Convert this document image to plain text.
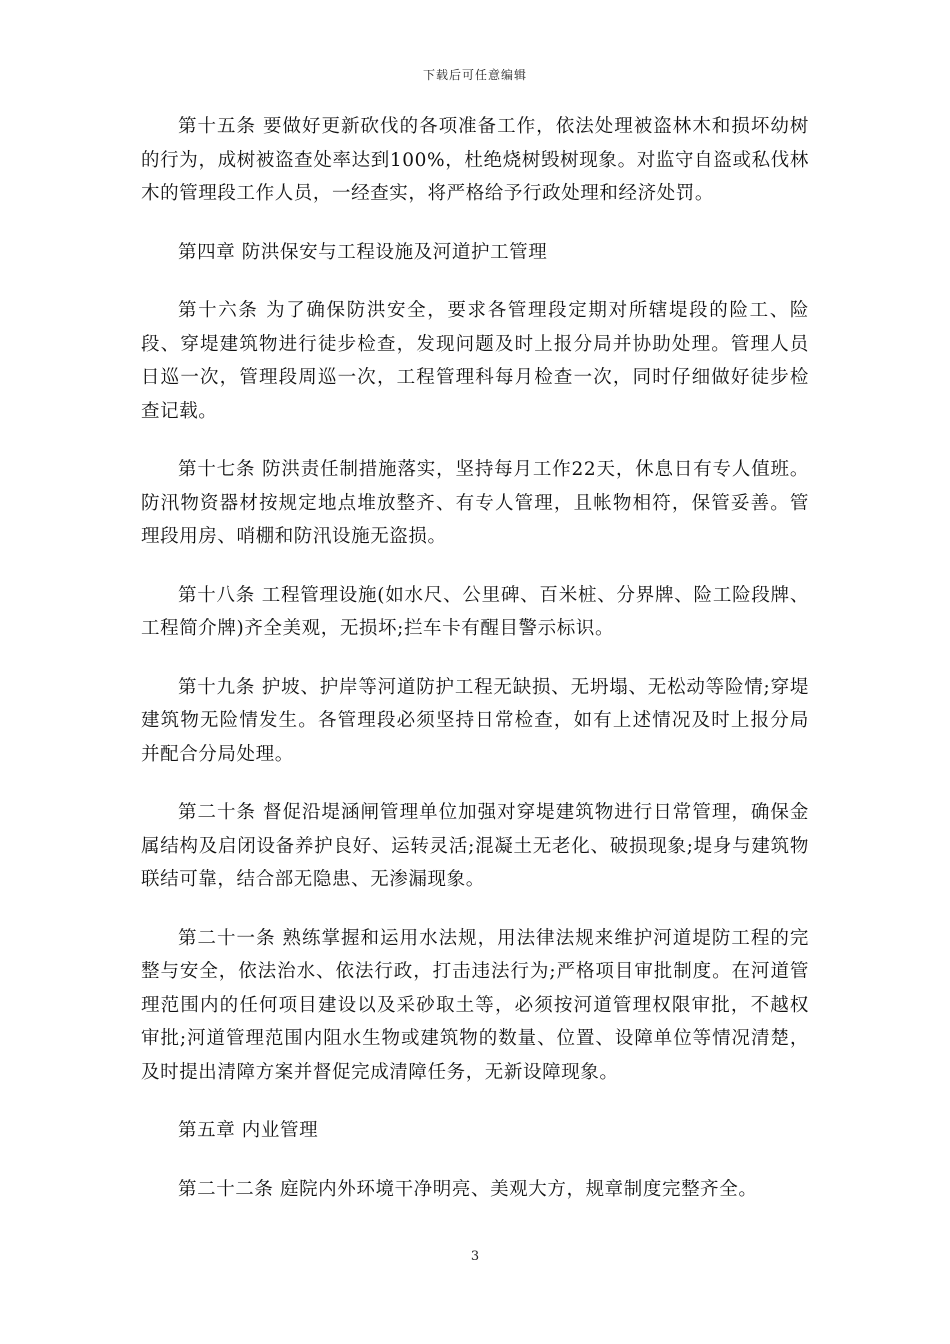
下载后可任意编辑

第十五条 要做好更新砍伐的各项准备工作，依法处理被盗林木和损坏幼树的行为，成树被盗查处率达到100%，杜绝烧树毁树现象。对监守自盗或私伐林木的管理段工作人员，一经查实，将严格给予行政处理和经济处罚。

第四章 防洪保安与工程设施及河道护工管理

第十六条 为了确保防洪安全，要求各管理段定期对所辖堤段的险工、险段、穿堤建筑物进行徒步检查，发现问题及时上报分局并协助处理。管理人员日巡一次，管理段周巡一次，工程管理科每月检查一次，同时仔细做好徒步检查记载。

第十七条 防洪责任制措施落实，坚持每月工作22天，休息日有专人值班。防汛物资器材按规定地点堆放整齐、有专人管理，且帐物相符，保管妥善。管理段用房、哨棚和防汛设施无盗损。

第十八条 工程管理设施(如水尺、公里碑、百米桩、分界牌、险工险段牌、工程简介牌)齐全美观，无损坏;拦车卡有醒目警示标识。

第十九条 护坡、护岸等河道防护工程无缺损、无坍塌、无松动等险情;穿堤建筑物无险情发生。各管理段必须坚持日常检查，如有上述情况及时上报分局并配合分局处理。

第二十条 督促沿堤涵闸管理单位加强对穿堤建筑物进行日常管理，确保金属结构及启闭设备养护良好、运转灵活;混凝土无老化、破损现象;堤身与建筑物联结可靠，结合部无隐患、无渗漏现象。

第二十一条 熟练掌握和运用水法规，用法律法规来维护河道堤防工程的完整与安全，依法治水、依法行政，打击违法行为;严格项目审批制度。在河道管理范围内的任何项目建设以及采砂取土等，必须按河道管理权限审批，不越权审批;河道管理范围内阻水生物或建筑物的数量、位置、设障单位等情况清楚，及时提出清障方案并督促完成清障任务，无新设障现象。

第五章 内业管理

第二十二条 庭院内外环境干净明亮、美观大方，规章制度完整齐全。

3
